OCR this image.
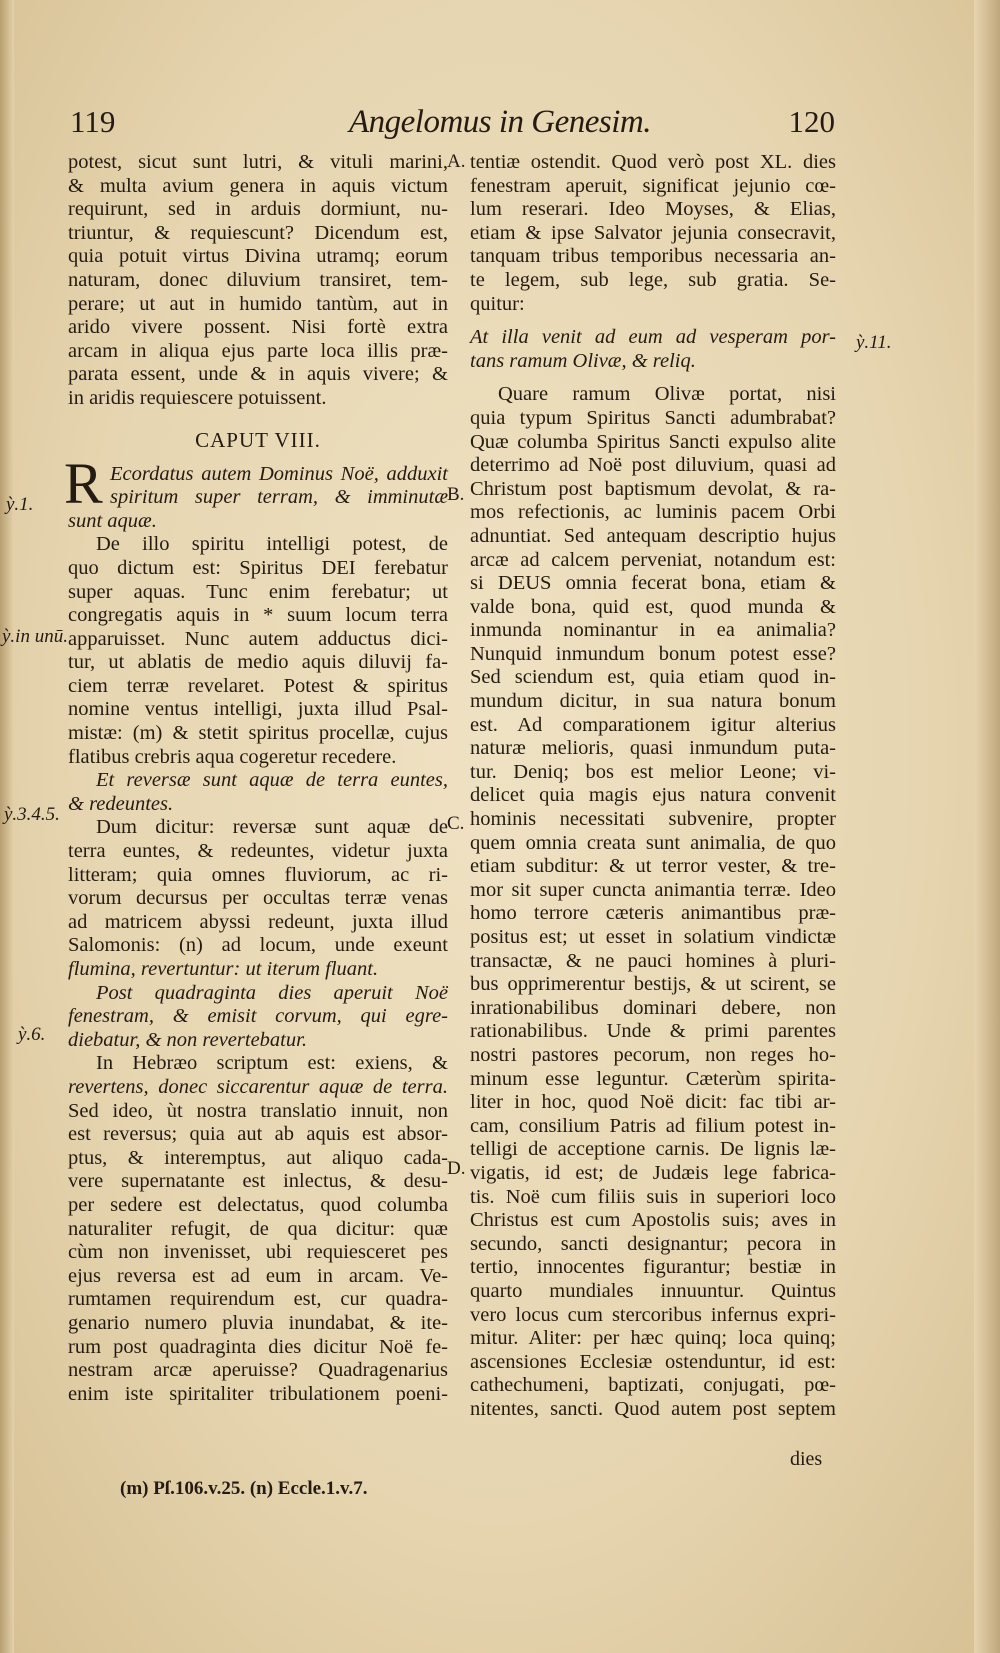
119	Angelomus in Genesim.	120
potest, sicut sunt lutri, & vituli marini,
& multa avium genera in aquis victum
requirunt, sed in arduis dormiunt, nu-
triuntur, & requiescunt? Dicendum est,
quia potuit virtus Divina utramq; eorum
naturam, donec diluvium transiret, tem-
perare; ut aut in humido tantùm, aut in
arido vivere possent. Nisi fortè extra
arcam in aliqua ejus parte loca illis præ-
parata essent, unde & in aquis vivere; &
in aridis requiescere potuissent.
CAPUT VIII.
R Ecordatus autem Dominus Noë, adduxit
spiritum super terram, & imminutæ
sunt aquæ.
De illo spiritu intelligi potest, de
quo dictum est: Spiritus DEI ferebatur
super aquas. Tunc enim ferebatur; ut
congregatis aquis in * suum locum terra
apparuisset. Nunc autem adductus dici-
tur, ut ablatis de medio aquis diluvij fa-
ciem terræ revelaret. Potest & spiritus
nomine ventus intelligi, juxta illud Psal-
mistæ: (m) & stetit spiritus procellæ, cujus
flatibus crebris aqua cogeretur recedere.
Et reversæ sunt aquæ de terra euntes,
& redeuntes.
Dum dicitur: reversæ sunt aquæ de
terra euntes, & redeuntes, videtur juxta
litteram; quia omnes fluviorum, ac ri-
vorum decursus per occultas terræ venas
ad matricem abyssi redeunt, juxta illud
Salomonis: (n) ad locum, unde exeunt
flumina, revertuntur: ut iterum fluant.
Post quadraginta dies aperuit Noë
fenestram, & emisit corvum, qui egre-
diebatur, & non revertebatur.
In Hebræo scriptum est: exiens, &
revertens, donec siccarentur aquæ de terra.
Sed ideo, ùt nostra translatio innuit, non
est reversus; quia aut ab aquis est absor-
ptus, & interemptus, aut aliquo cada-
vere supernatante est inlectus, & desu-
per sedere est delectatus, quod columba
naturaliter refugit, de qua dicitur: quæ
cùm non invenisset, ubi requiesceret pes
ejus reversa est ad eum in arcam. Ve-
rumtamen requirendum est, cur quadra-
genario numero pluvia inundabat, & ite-
rum post quadraginta dies dicitur Noë fe-
nestram arcæ aperuisse? Quadragenarius
enim iste spiritaliter tribulationem poeni-
tentiæ ostendit. Quod verò post XL. dies
fenestram aperuit, significat jejunio cœ-
lum reserari. Ideo Moyses, & Elias,
etiam & ipse Salvator jejunia consecravit,
tanquam tribus temporibus necessaria an-
te legem, sub lege, sub gratia. Se-
quitur:
At illa venit ad eum ad vesperam por-
tans ramum Olivæ, & reliq.
Quare ramum Olivæ portat, nisi
quia typum Spiritus Sancti adumbrabat?
Quæ columba Spiritus Sancti expulso alite
deterrimo ad Noë post diluvium, quasi ad
Christum post baptismum devolat, & ra-
mos refectionis, ac luminis pacem Orbi
adnuntiat. Sed antequam descriptio hujus
arcæ ad calcem perveniat, notandum est:
si DEUS omnia fecerat bona, etiam &
valde bona, quid est, quod munda &
inmunda nominantur in ea animalia?
Nunquid inmundum bonum potest esse?
Sed sciendum est, quia etiam quod in-
mundum dicitur, in sua natura bonum
est. Ad comparationem igitur alterius
naturæ melioris, quasi inmundum puta-
tur. Deniq; bos est melior Leone; vi-
delicet quia magis ejus natura convenit
hominis necessitati subvenire, propter
quem omnia creata sunt animalia, de quo
etiam subditur: & ut terror vester, & tre-
mor sit super cuncta animantia terræ. Ideo
homo terrore cæteris animantibus præ-
positus est; ut esset in solatium vindictæ
transactæ, & ne pauci homines à pluri-
bus opprimerentur bestijs, & ut scirent, se
inrationabilibus dominari debere, non
rationabilibus. Unde & primi parentes
nostri pastores pecorum, non reges ho-
minum esse leguntur. Cæterùm spirita-
liter in hoc, quod Noë dicit: fac tibi ar-
cam, consilium Patris ad filium potest in-
telligi de acceptione carnis. De lignis læ-
vigatis, id est; de Judæis lege fabrica-
tis. Noë cum filiis suis in superiori loco
Christus est cum Apostolis suis; aves in
secundo, sancti designantur; pecora in
tertio, innocentes figurantur; bestiæ in
quarto mundiales innuuntur. Quintus
vero locus cum stercoribus infernus expri-
mitur. Aliter: per hæc quinq; loca quinq;
ascensiones Ecclesiæ ostenduntur, id est:
cathechumeni, baptizati, conjugati, pœ-
nitentes, sancti. Quod autem post septem
dies
A.
B.
C.
D.
ỳ.11.
ỳ.1.
ỳ.in unū.
ỳ.3.4.5.
ỳ.6.
(m) Pſ.106.v.25. (n) Eccle.1.v.7.
